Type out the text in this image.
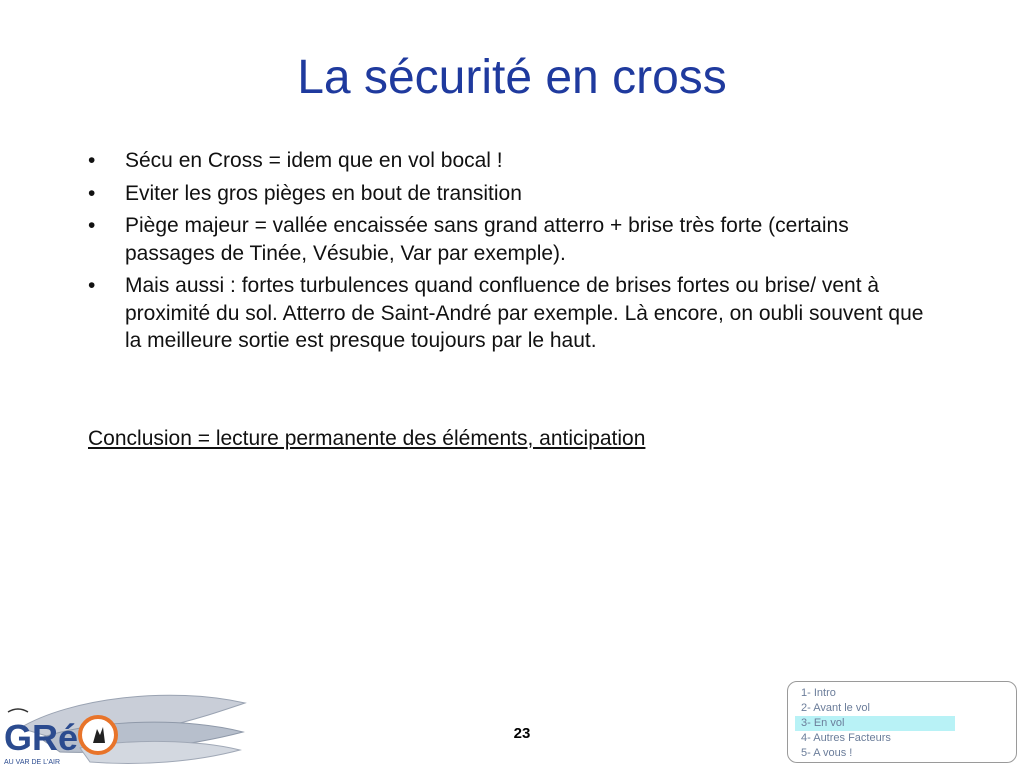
La sécurité en cross
• Sécu en Cross = idem que en vol bocal !
• Eviter les gros pièges en bout de transition
• Piège majeur = vallée encaissée sans grand atterro + brise très forte (certains passages de Tinée, Vésubie, Var par exemple).
• Mais aussi : fortes turbulences quand confluence de brises fortes ou brise/ vent à proximité du sol. Atterro de Saint-André par exemple. Là encore, on oubli souvent que la meilleure sortie est presque toujours par le haut.
Conclusion = lecture permanente des éléments, anticipation
GRé
AU VAR DE L'AIR
23
1- Intro
2- Avant le vol
3- En vol
4- Autres Facteurs
5- A vous !
